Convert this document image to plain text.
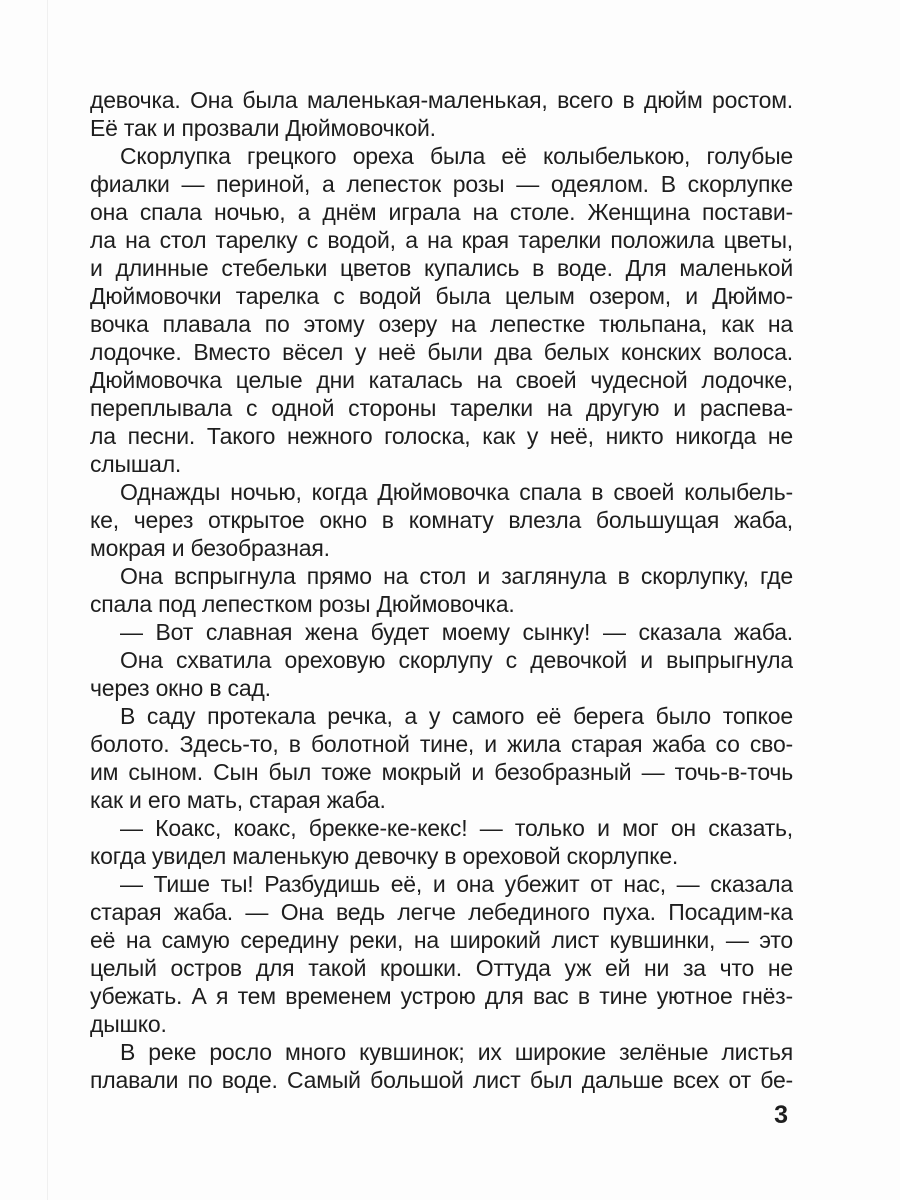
девочка. Она была маленькая-маленькая, всего в дюйм ростом.
Её так и прозвали Дюймовочкой.
Скорлупка грецкого ореха была её колыбелькою, голубые
фиалки — периной, а лепесток розы — одеялом. В скорлупке
она спала ночью, а днём играла на столе. Женщина постави-
ла на стол тарелку с водой, а на края тарелки положила цветы,
и длинные стебельки цветов купались в воде. Для маленькой
Дюймовочки тарелка с водой была целым озером, и Дюймо-
вочка плавала по этому озеру на лепестке тюльпана, как на
лодочке. Вместо вёсел у неё были два белых конских волоса.
Дюймовочка целые дни каталась на своей чудесной лодочке,
переплывала с одной стороны тарелки на другую и распева-
ла песни. Такого нежного голоска, как у неё, никто никогда не
слышал.
Однажды ночью, когда Дюймовочка спала в своей колыбель-
ке, через открытое окно в комнату влезла большущая жаба,
мокрая и безобразная.
Она вспрыгнула прямо на стол и заглянула в скорлупку, где
спала под лепестком розы Дюймовочка.
— Вот славная жена будет моему сынку! — сказала жаба.
Она схватила ореховую скорлупу с девочкой и выпрыгнула
через окно в сад.
В саду протекала речка, а у самого её берега было топкое
болото. Здесь-то, в болотной тине, и жила старая жаба со сво-
им сыном. Сын был тоже мокрый и безобразный — точь-в-точь
как и его мать, старая жаба.
— Коакс, коакс, брекке-ке-кекс! — только и мог он сказать,
когда увидел маленькую девочку в ореховой скорлупке.
— Тише ты! Разбудишь её, и она убежит от нас, — сказала
старая жаба. — Она ведь легче лебединого пуха. Посадим-ка
её на самую середину реки, на широкий лист кувшинки, — это
целый остров для такой крошки. Оттуда уж ей ни за что не
убежать. А я тем временем устрою для вас в тине уютное гнёз-
дышко.
В реке росло много кувшинок; их широкие зелёные листья
плавали по воде. Самый большой лист был дальше всех от бе-
3
